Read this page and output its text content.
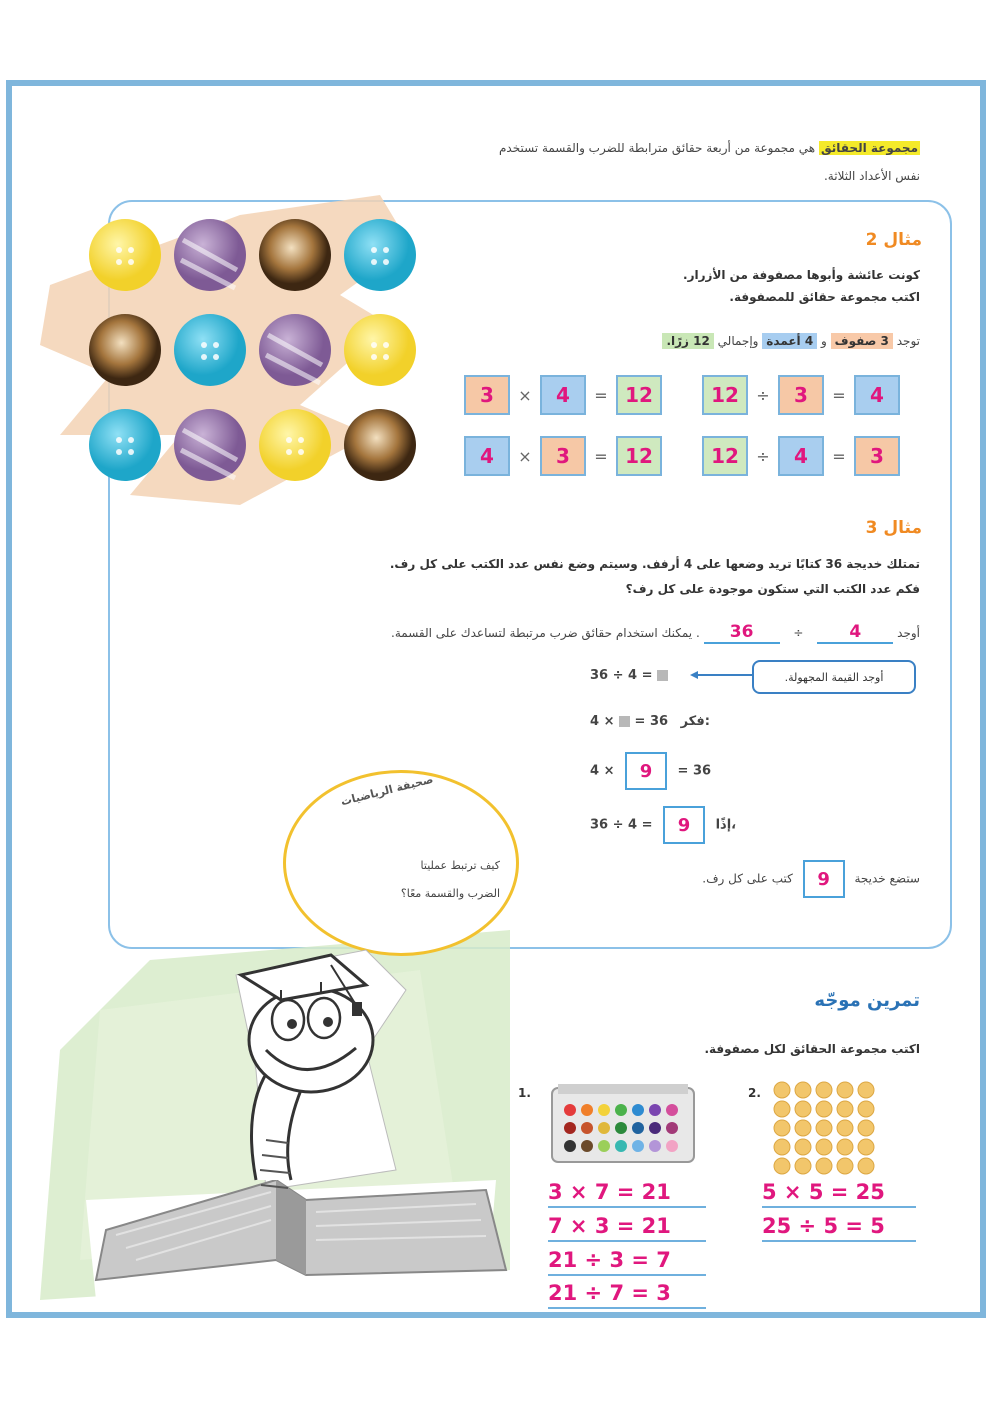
مجموعة الحقائق هي مجموعة من أربعة حقائق مترابطة للضرب والقسمة تستخدم
نفس الأعداد الثلاثة.
مثال 2
كونت عائشة وأبوها مصفوفة من الأزرار.
اكتب مجموعة حقائق للمصفوفة.
توجد 3 صفوف و 4 أعمدة وإجمالي 12 زرًا.
3	×	4	= 12
4	×	3	= 12
12	÷	3	=	4
12	÷	4	=	3
مثال 3
تمتلك خديجة 36 كتابًا تريد وضعها على 4 أرفف. وسيتم وضع نفس عدد الكتب على كل رف.
فكم عدد الكتب التي ستكون موجودة على كل رف؟
أوجد 36	÷	4 . يمكنك استخدام حقائق ضرب مرتبطة لتساعدك على القسمة.
36 ÷ 4 =	أوجد القيمة المجهولة.
4 × = 36 فكر:
4 × 9 = 36
36 ÷ 4 = 9 إذًا،
ستضع خديجة 9 كتب على كل رف.
صحيفة الرياضيات
كيف ترتبط عمليتا
الضرب والقسمة معًا؟
تمرين موجّه
اكتب مجموعة الحقائق لكل مصفوفة.
1.	2.
3 × 7 = 21
7 × 3 = 21
21 ÷ 3 = 7
21 ÷ 7 = 3
5 × 5 = 25
25 ÷ 5 = 5
